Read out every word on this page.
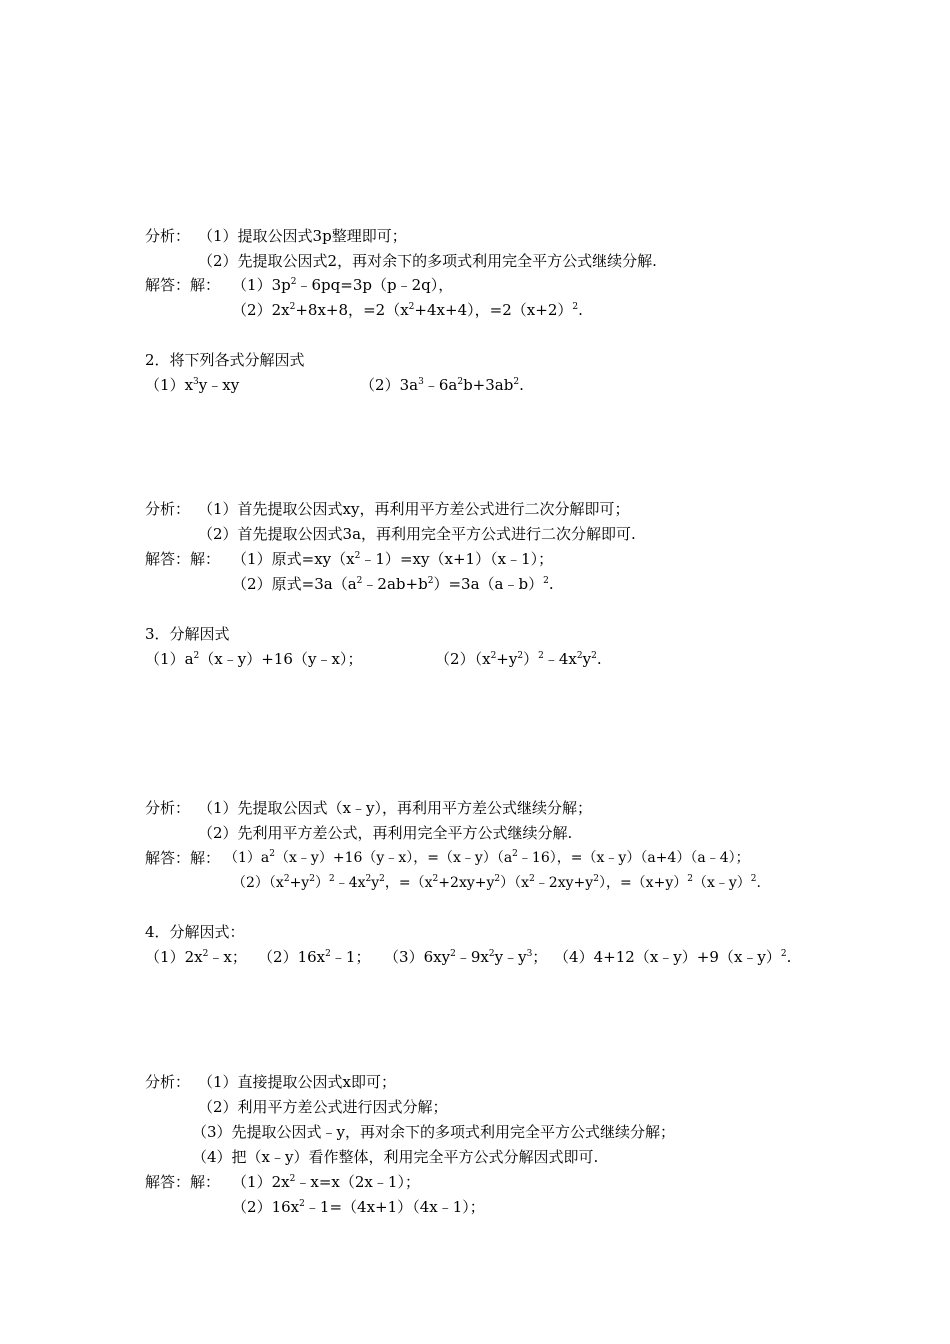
分析： （1）提取公因式3p整理即可；
（2）先提取公因式2，再对余下的多项式利用完全平方公式继续分解.
解答：解： $(1)3p^2﹣6pq=3p(p﹣2q)$，
$(2)2x^2+8x+8$，$=2(x^2+4x+4)$，$=2(x+2)^2$.
2．将下列各式分解因式
$(1)x^3y﹣xy$	$(2)3a^3﹣6a^2b+3ab^2$.
分析： （1）首先提取公因式xy，再利用平方差公式进行二次分解即可；
（2）首先提取公因式3a，再利用完全平方公式进行二次分解即可.
解答：解： （1）原式$=xy(x^2﹣1)=xy(x+1)(x﹣1)$；
（2）原式$=3a(a^2﹣2ab+b^2)=3a(a﹣b)^2$.
3．分解因式
$(1)a^2(x﹣y)+16(y﹣x)$；	$(2)(x^2+y^2)^2﹣4x^2y^2$.
分析： （1）先提取公因式（x﹣y），再利用平方差公式继续分解；
（2）先利用平方差公式，再利用完全平方公式继续分解.
解答：解： $(1)a^2(x﹣y)+16(y﹣x)$，$=(x﹣y)(a^2﹣16)$，=（x﹣y）（a+4）（a﹣4）；
$(2)(x^2+y^2)^2﹣4x^2y^2$，$=(x^2+2xy+y^2)(x^2﹣2xy+y^2)$，$=(x+y)^2(x﹣y)^2$.
4．分解因式：
$(1)2x^2﹣x$； $(2)16x^2﹣1$； $(3)6xy^2﹣9x^2y﹣y^3$； （4）4+12（x﹣y）+9（x﹣y）$^2$.
分析： （1）直接提取公因式x即可；
（2）利用平方差公式进行因式分解；
（3）先提取公因式﹣y，再对余下的多项式利用完全平方公式继续分解；
（4）把（x﹣y）看作整体，利用完全平方公式分解因式即可.
解答：解： $(1)2x^2﹣x=x(2x﹣1)$；
$(2)16x^2﹣1=(4x+1)(4x﹣1)$；
